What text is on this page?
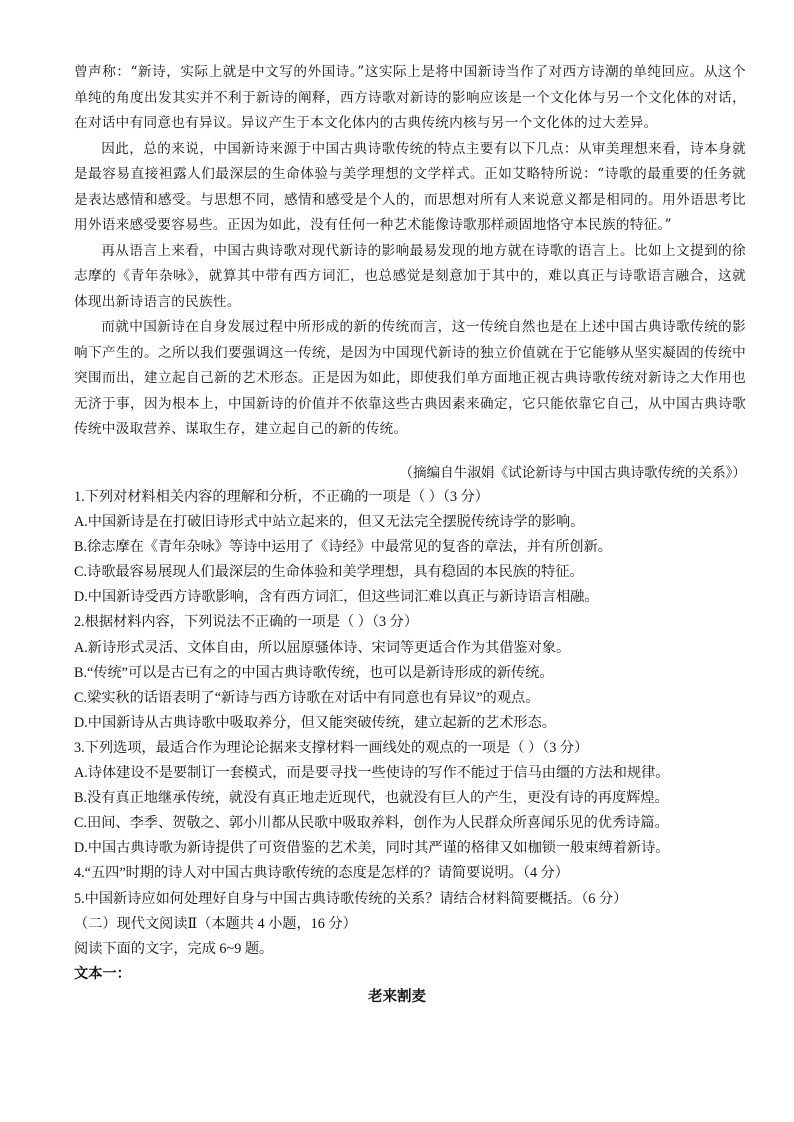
曾声称：“新诗，实际上就是中文写的外国诗。”这实际上是将中国新诗当作了对西方诗潮的单纯回应。从这个单纯的角度出发其实并不利于新诗的阐释，西方诗歌对新诗的影响应该是一个文化体与另一个文化体的对话，在对话中有同意也有异议。异议产生于本文化体内的古典传统内核与另一个文化体的过大差异。

因此，总的来说，中国新诗来源于中国古典诗歌传统的特点主要有以下几点：从审美理想来看，诗本身就是最容易直接袒露人们最深层的生命体验与美学理想的文学样式。正如艾略特所说：“诗歌的最重要的任务就是表达感情和感受。与思想不同，感情和感受是个人的，而思想对所有人来说意义都是相同的。用外语思考比用外语来感受要容易些。正因为如此，没有任何一种艺术能像诗歌那样顽固地恪守本民族的特征。”

再从语言上来看，中国古典诗歌对现代新诗的影响最易发现的地方就在诗歌的语言上。比如上文提到的徐志摩的《青年杂咏》，就算其中带有西方词汇，也总感觉是刻意加于其中的，难以真正与诗歌语言融合，这就体现出新诗语言的民族性。

而就中国新诗在自身发展过程中所形成的新的传统而言，这一传统自然也是在上述中国古典诗歌传统的影响下产生的。之所以我们要强调这一传统，是因为中国现代新诗的独立价值就在于它能够从坚实凝固的传统中突围而出，建立起自己新的艺术形态。正是因为如此，即使我们单方面地正视古典诗歌传统对新诗之大作用也无济于事，因为根本上，中国新诗的价值并不依靠这些古典因素来确定，它只能依靠它自己，从中国古典诗歌传统中汲取营养、谋取生存，建立起自己的新的传统。

（摘编自牛淑娟《试论新诗与中国古典诗歌传统的关系》）
1.下列对材料相关内容的理解和分析，不正确的一项是（ ）（3 分）
A.中国新诗是在打破旧诗形式中站立起来的，但又无法完全摆脱传统诗学的影响。
B.徐志摩在《青年杂咏》等诗中运用了《诗经》中最常见的复沓的章法，并有所创新。
C.诗歌最容易展现人们最深层的生命体验和美学理想，具有稳固的本民族的特征。
D.中国新诗受西方诗歌影响，含有西方词汇，但这些词汇难以真正与新诗语言相融。
2.根据材料内容，下列说法不正确的一项是（ ）（3 分）
A.新诗形式灵活、文体自由，所以屈原骚体诗、宋词等更适合作为其借鉴对象。
B.“传统”可以是古已有之的中国古典诗歌传统，也可以是新诗形成的新传统。
C.梁实秋的话语表明了“新诗与西方诗歌在对话中有同意也有异议”的观点。
D.中国新诗从古典诗歌中吸取养分，但又能突破传统，建立起新的艺术形态。
3.下列选项，最适合作为理论论据来支撑材料一画线处的观点的一项是（ ）（3 分）
A.诗体建设不是要制订一套模式，而是要寻找一些使诗的写作不能过于信马由缰的方法和规律。
B.没有真正地继承传统，就没有真正地走近现代，也就没有巨人的产生，更没有诗的再度辉煌。
C.田间、李季、贺敬之、郭小川都从民歌中吸取养料，创作为人民群众所喜闻乐见的优秀诗篇。
D.中国古典诗歌为新诗提供了可资借鉴的艺术美，同时其严谨的格律又如枷锁一般束缚着新诗。
4.“五四”时期的诗人对中国古典诗歌传统的态度是怎样的？请简要说明。（4 分）
5.中国新诗应如何处理好自身与中国古典诗歌传统的关系？请结合材料简要概括。（6 分）
（二）现代文阅读Ⅱ（本题共 4 小题，16 分）
阅读下面的文字，完成 6~9 题。
文本一：
老来割麦
